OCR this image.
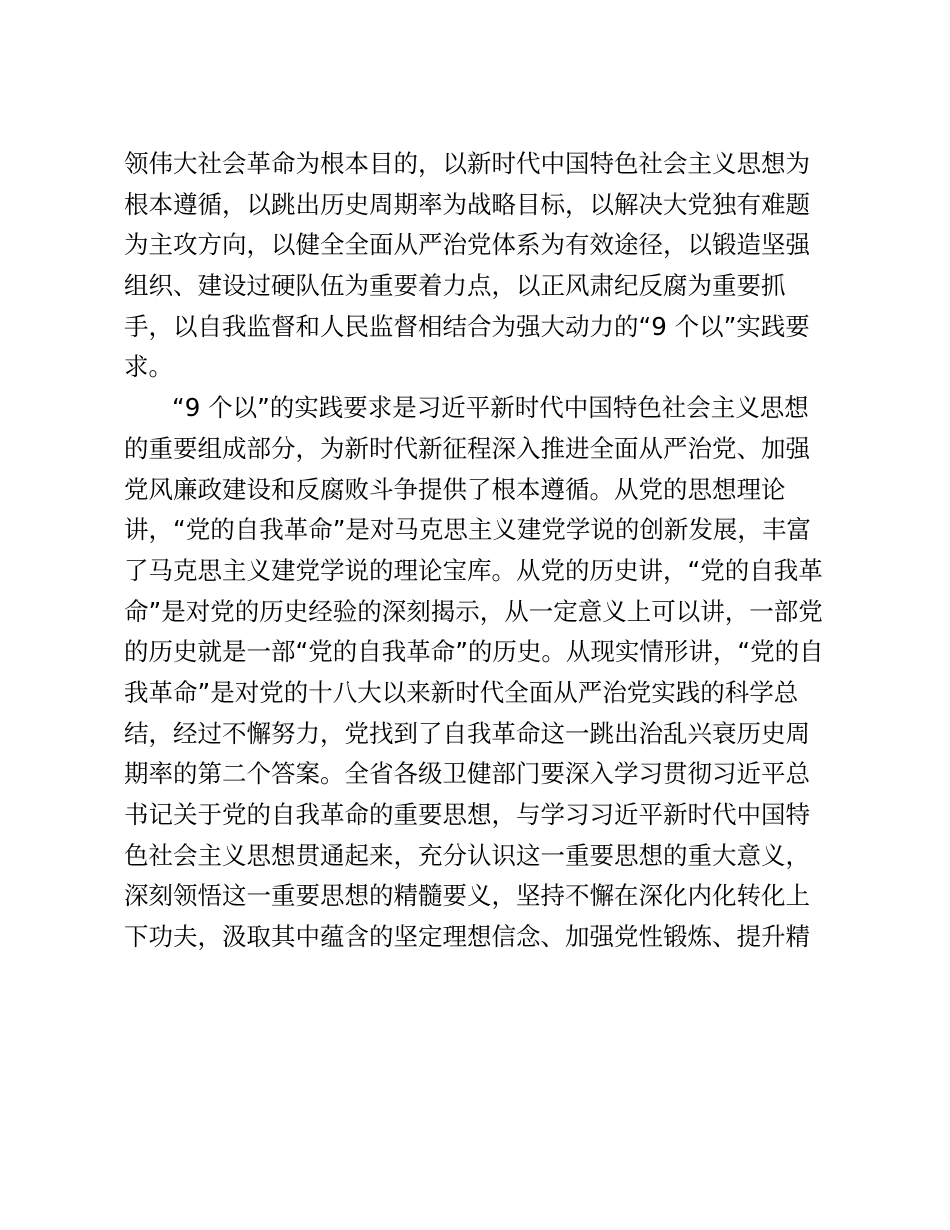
领伟大社会革命为根本目的，以新时代中国特色社会主义思想为
根本遵循，以跳出历史周期率为战略目标，以解决大党独有难题
为主攻方向，以健全全面从严治党体系为有效途径，以锻造坚强
组织、建设过硬队伍为重要着力点，以正风肃纪反腐为重要抓
手，以自我监督和人民监督相结合为强大动力的“9 个以”实践要
求。
“9 个以”的实践要求是习近平新时代中国特色社会主义思想
的重要组成部分，为新时代新征程深入推进全面从严治党、加强
党风廉政建设和反腐败斗争提供了根本遵循。从党的思想理论
讲，“党的自我革命”是对马克思主义建党学说的创新发展，丰富
了马克思主义建党学说的理论宝库。从党的历史讲，“党的自我革
命”是对党的历史经验的深刻揭示，从一定意义上可以讲，一部党
的历史就是一部“党的自我革命”的历史。从现实情形讲，“党的自
我革命”是对党的十八大以来新时代全面从严治党实践的科学总
结，经过不懈努力，党找到了自我革命这一跳出治乱兴衰历史周
期率的第二个答案。全省各级卫健部门要深入学习贯彻习近平总
书记关于党的自我革命的重要思想，与学习习近平新时代中国特
色社会主义思想贯通起来，充分认识这一重要思想的重大意义，
深刻领悟这一重要思想的精髓要义，坚持不懈在深化内化转化上
下功夫，汲取其中蕴含的坚定理想信念、加强党性锻炼、提升精
